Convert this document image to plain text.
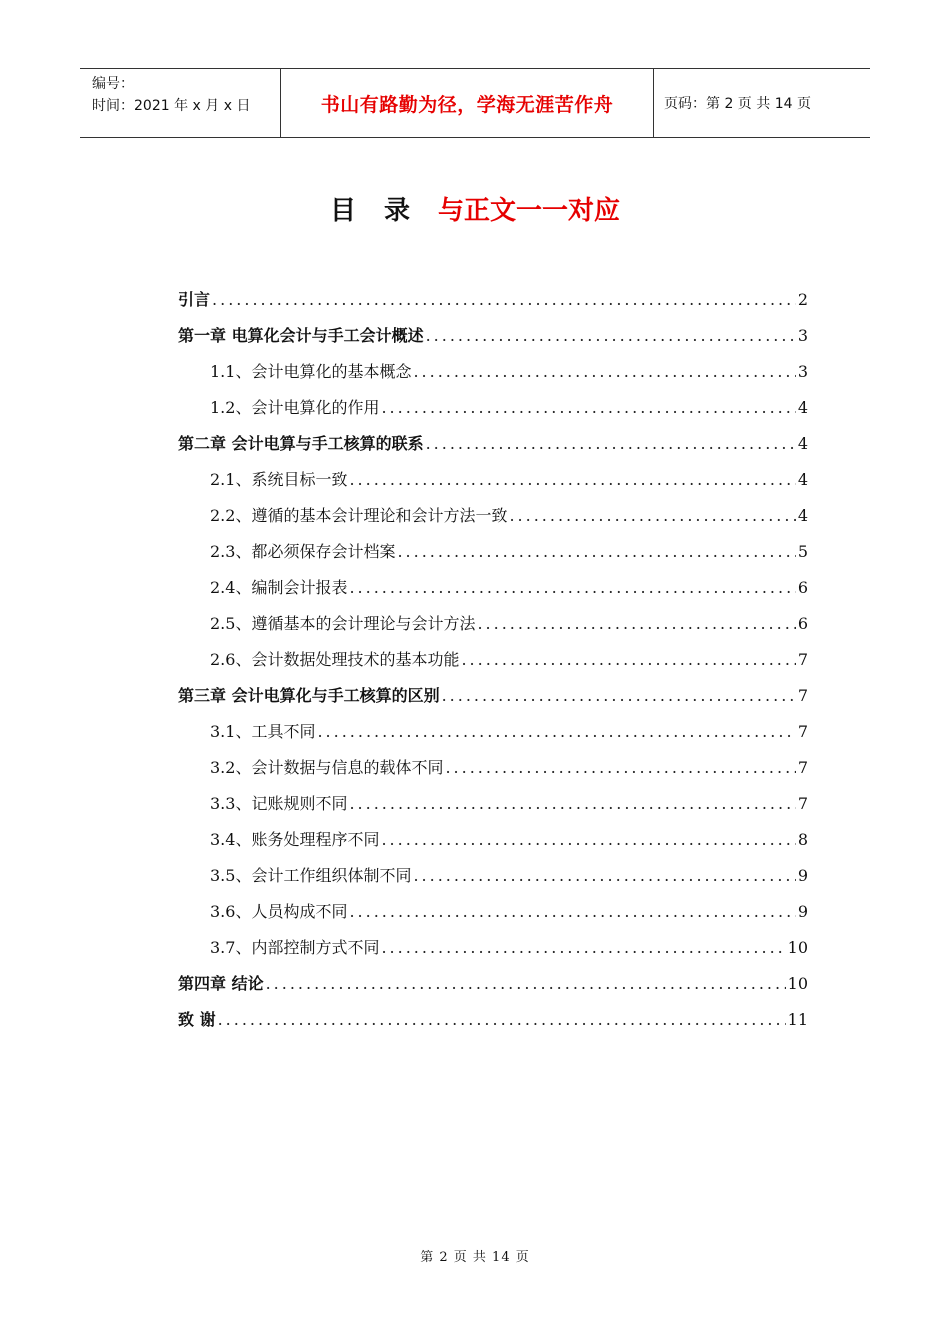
编号：
时间：2021 年 x 月 x 日	书山有路勤为径，学海无涯苦作舟	页码：第 2 页 共 14 页
目录与正文一一对应
引言 .....	2
第一章 电算化会计与手工会计概述 .....	3
1.1、会计电算化的基本概念 .....	3
1.2、会计电算化的作用 .....	4
第二章 会计电算与手工核算的联系 .....	4
2.1、系统目标一致 .....	4
2.2、遵循的基本会计理论和会计方法一致 .....	4
2.3、都必须保存会计档案 .....	5
2.4、编制会计报表 .....	6
2.5、遵循基本的会计理论与会计方法 .....	6
2.6、会计数据处理技术的基本功能 .....	7
第三章 会计电算化与手工核算的区别 .....	7
3.1、工具不同 .....	7
3.2、会计数据与信息的载体不同 .....	7
3.3、记账规则不同 .....	7
3.4、账务处理程序不同 .....	8
3.5、会计工作组织体制不同 .....	9
3.6、人员构成不同 .....	9
3.7、内部控制方式不同 .....	10
第四章 结论 .....	10
致 谢 .....	11
第 2 页 共 14 页
